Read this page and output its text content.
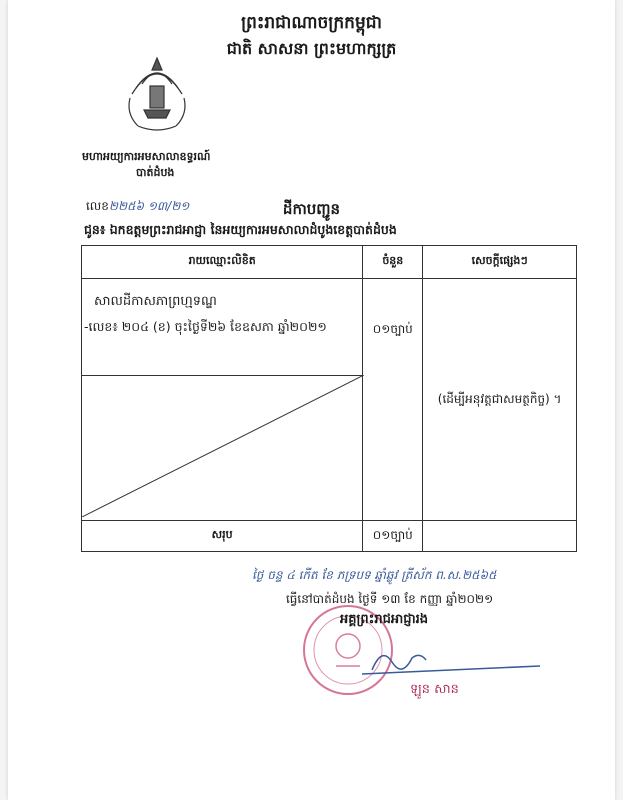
ព្រះរាជាណាចក្រកម្ពុជា
ជាតិ សាសនា ព្រះមហាក្សត្រ
មហាអយ្យការអមសាលាឧទ្ធរណ៍
បាត់ដំបង
លេខ២២៥៦ ១៣/២១	ដីកាបញ្ជូន
ជូន៖ ឯកឧត្តមព្រះរាជអាជ្ញា នៃអយ្យការអមសាលាដំបូងខេត្តបាត់ដំបង
រាយឈ្មោះលិខិត	ចំនួន	សេចក្តីផ្សេងៗ

សាលដីកាសភាព្រហ្មទណ្ឌ
-លេខ៖ ២០៤ (ខ) ចុះថ្ងៃទី២៦ ខែឧសភា ឆ្នាំ២០២១	០១ច្បាប់	(ដើម្បីអនុវត្តជាសមត្ថកិច្ច) ។
សរុប	០១ច្បាប់	
ថ្ងៃ ចន្ទ ៤ កើត ខែ ភទ្របទ ឆ្នាំឆ្លូវ ត្រីស័ក ព.ស.២៥៦៥
ធ្វើនៅបាត់ដំបង ថ្ងៃទី ១៣ ខែ កញ្ញា ឆ្នាំ២០២១
អគ្គព្រះរាជអាជ្ញារង
ឡូន សាន
